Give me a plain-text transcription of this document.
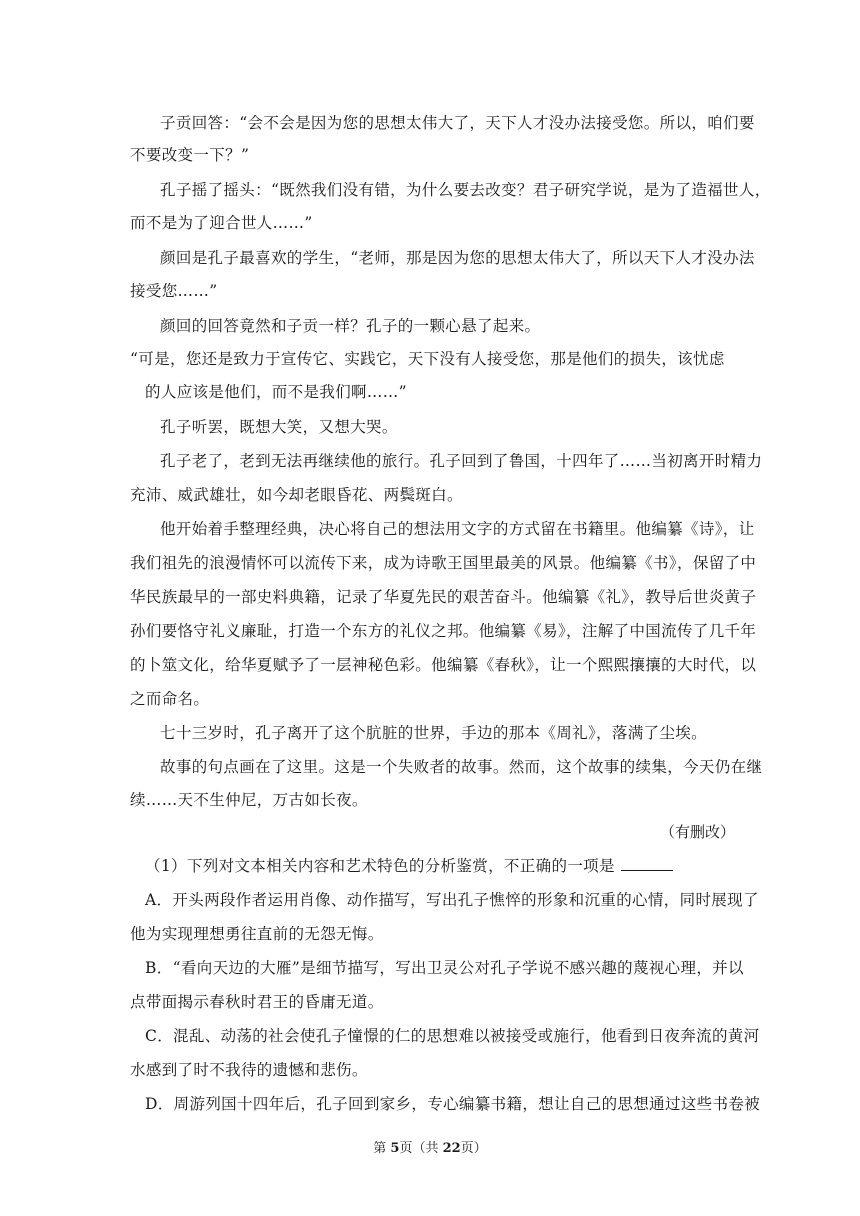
子贡回答：“会不会是因为您的思想太伟大了，天下人才没办法接受您。所以，咱们要
不要改变一下？”
孔子摇了摇头：“既然我们没有错，为什么要去改变？君子研究学说，是为了造福世人，
而不是为了迎合世人……”
颜回是孔子最喜欢的学生，“老师，那是因为您的思想太伟大了，所以天下人才没办法
接受您……”
颜回的回答竟然和子贡一样？孔子的一颗心悬了起来。
“可是，您还是致力于宣传它、实践它，天下没有人接受您，那是他们的损失，该忧虑
的人应该是他们，而不是我们啊……”
孔子听罢，既想大笑，又想大哭。
孔子老了，老到无法再继续他的旅行。孔子回到了鲁国，十四年了……当初离开时精力
充沛、威武雄壮，如今却老眼昏花、两鬓斑白。
他开始着手整理经典，决心将自己的想法用文字的方式留在书籍里。他编纂《诗》，让
我们祖先的浪漫情怀可以流传下来，成为诗歌王国里最美的风景。他编纂《书》，保留了中
华民族最早的一部史料典籍，记录了华夏先民的艰苦奋斗。他编纂《礼》，教导后世炎黄子
孙们要恪守礼义廉耻，打造一个东方的礼仪之邦。他编纂《易》，注解了中国流传了几千年
的卜筮文化，给华夏赋予了一层神秘色彩。他编纂《春秋》，让一个熙熙攘攘的大时代，以
之而命名。
七十三岁时，孔子离开了这个肮脏的世界，手边的那本《周礼》，落满了尘埃。
故事的句点画在了这里。这是一个失败者的故事。然而，这个故事的续集，今天仍在继
续……天不生仲尼，万古如长夜。
（有删改）
（1）下列对文本相关内容和艺术特色的分析鉴赏，不正确的一项是
A．开头两段作者运用肖像、动作描写，写出孔子憔悴的形象和沉重的心情，同时展现了
他为实现理想勇往直前的无怨无悔。
B．“看向天边的大雁”是细节描写，写出卫灵公对孔子学说不感兴趣的蔑视心理，并以
点带面揭示春秋时君王的昏庸无道。
C．混乱、动荡的社会使孔子憧憬的仁的思想难以被接受或施行，他看到日夜奔流的黄河
水感到了时不我待的遗憾和悲伤。
D．周游列国十四年后，孔子回到家乡，专心编纂书籍，想让自己的思想通过这些书卷被
第 5页（共 22页）
